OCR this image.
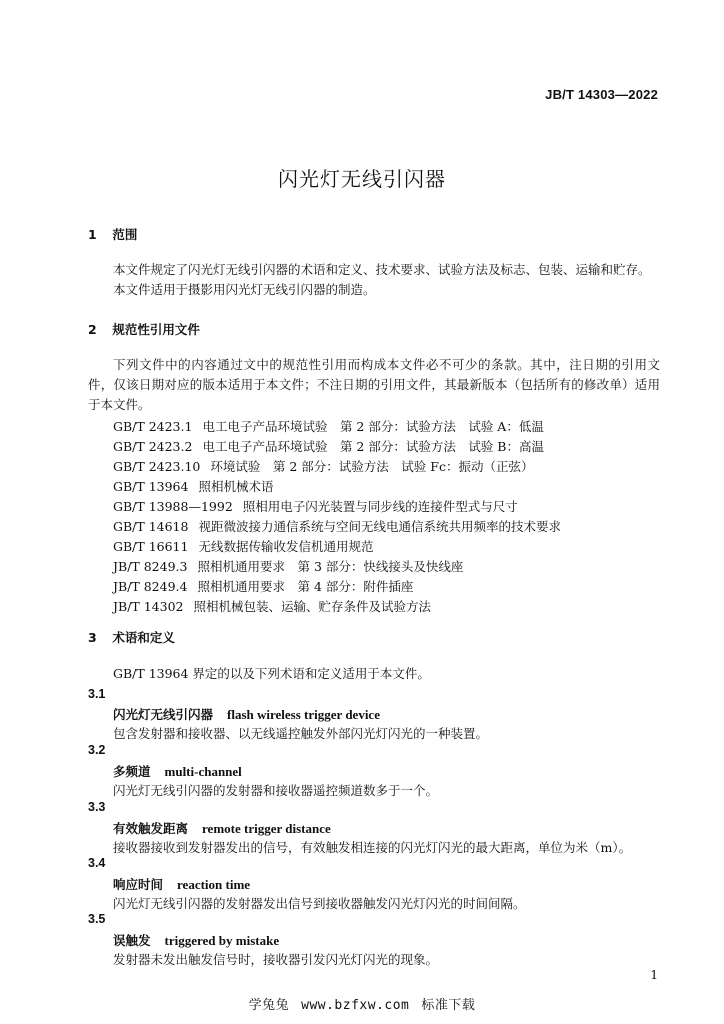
JB/T 14303—2022
闪光灯无线引闪器
1 范围
本文件规定了闪光灯无线引闪器的术语和定义、技术要求、试验方法及标志、包装、运输和贮存。
本文件适用于摄影用闪光灯无线引闪器的制造。
2 规范性引用文件
下列文件中的内容通过文中的规范性引用而构成本文件必不可少的条款。其中，注日期的引用文件，仅该日期对应的版本适用于本文件；不注日期的引用文件，其最新版本（包括所有的修改单）适用于本文件。
GB/T 2423.1 电工电子产品环境试验　第 2 部分：试验方法　试验 A：低温
GB/T 2423.2 电工电子产品环境试验　第 2 部分：试验方法　试验 B：高温
GB/T 2423.10 环境试验　第 2 部分：试验方法　试验 Fc：振动（正弦）
GB/T 13964 照相机械术语
GB/T 13988—1992 照相用电子闪光装置与同步线的连接件型式与尺寸
GB/T 14618 视距微波接力通信系统与空间无线电通信系统共用频率的技术要求
GB/T 16611 无线数据传输收发信机通用规范
JB/T 8249.3 照相机通用要求　第 3 部分：快线接头及快线座
JB/T 8249.4 照相机通用要求　第 4 部分：附件插座
JB/T 14302 照相机械包装、运输、贮存条件及试验方法
3 术语和定义
GB/T 13964 界定的以及下列术语和定义适用于本文件。
3.1
闪光灯无线引闪器 flash wireless trigger device
包含发射器和接收器、以无线遥控触发外部闪光灯闪光的一种装置。
3.2
多频道 multi-channel
闪光灯无线引闪器的发射器和接收器遥控频道数多于一个。
3.3
有效触发距离 remote trigger distance
接收器接收到发射器发出的信号，有效触发相连接的闪光灯闪光的最大距离，单位为米（m）。
3.4
响应时间 reaction time
闪光灯无线引闪器的发射器发出信号到接收器触发闪光灯闪光的时间间隔。
3.5
误触发 triggered by mistake
发射器未发出触发信号时，接收器引发闪光灯闪光的现象。
1
学兔兔 www.bzfxw.com 标准下载
